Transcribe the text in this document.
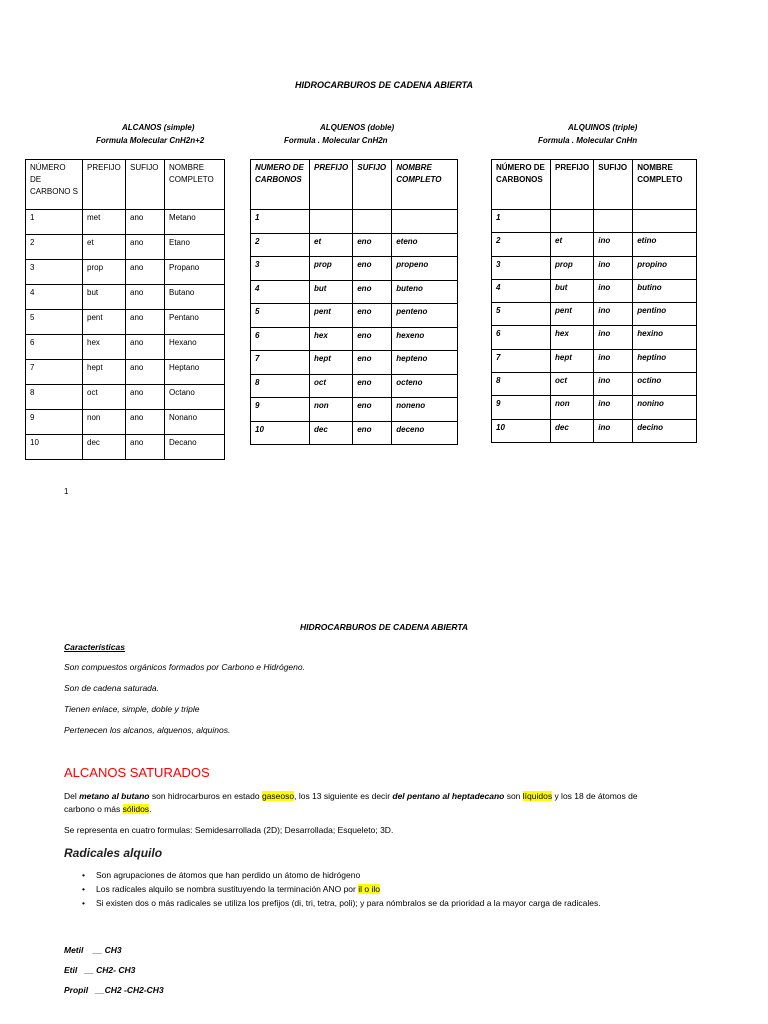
HIDROCARBUROS DE CADENA ABIERTA
ALCANOS (simple)
Formula Molecular CnH2n+2
NÚMERO DE CARBONO S	PREFIJO	SUFIJO	NOMBRE COMPLETO
1	met	ano	Metano
2	et	ano	Etano
3	prop	ano	Propano
4	but	ano	Butano
5	pent	ano	Pentano
6	hex	ano	Hexano
7	hept	ano	Heptano
8	oct	ano	Octano
9	non	ano	Nonano
10	dec	ano	Decano
ALQUENOS (doble)
Formula . Molecular CnH2n
NUMERO DE CARBONOS	PREFIJO	SUFIJO	NOMBRE COMPLETO
1			
2	et	eno	eteno
3	prop	eno	propeno
4	but	eno	buteno
5	pent	eno	penteno
6	hex	eno	hexeno
7	hept	eno	hepteno
8	oct	eno	octeno
9	non	eno	noneno
10	dec	eno	deceno
ALQUINOS (triple)
Formula . Molecular CnHn
NÚMERO DE CARBONOS	PREFIJO	SUFIJO	NOMBRE COMPLETO
1			
2	et	ino	etino
3	prop	ino	propino
4	but	ino	butino
5	pent	ino	pentino
6	hex	ino	hexino
7	hept	ino	heptino
8	oct	ino	octino
9	non	ino	nonino
10	dec	ino	decino
1
HIDROCARBUROS DE CADENA ABIERTA
Características
Son compuestos orgánicos formados por Carbono e Hidrógeno.
Son de cadena saturada.
Tienen enlace, simple, doble y triple
Pertenecen los alcanos, alquenos, alquinos.
ALCANOS SATURADOS
Del metano al butano son hidrocarburos en estado gaseoso, los 13 siguiente es decir del pentano al heptadecano son líquidos y los 18 de átomos de
carbono o más sólidos.
Se representa en cuatro formulas: Semidesarrollada (2D); Desarrollada; Esqueleto; 3D.
Radicales alquilo
• Son agrupaciones de átomos que han perdido un átomo de hidrógeno
• Los radicales alquilo se nombra sustituyendo la terminación ANO por il o ilo
• Si existen dos o más radicales se utiliza los prefijos (di, tri, tetra, poli); y para nómbralos se da prioridad a la mayor carga de radicales.
Metil __ CH3
Etil __ CH2- CH3
Propil __CH2 -CH2-CH3
